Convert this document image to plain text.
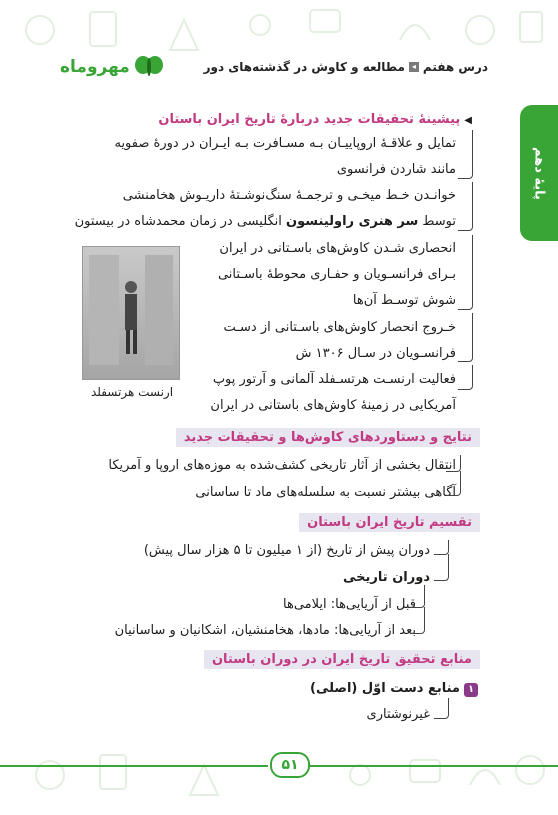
مهروماه	درس هفتم
◂
مطالعه و کاوش در گذشته‌های دور
پایهٔ دهم
◀پیشینهٔ تحقیقات جدید دربارهٔ تاریخ ایران باستان
تمایل و علاقـهٔ اروپاییـان بـه مسـافرت بـه ایـران در دورهٔ صفویه
مانند شاردن فرانسوی
خوانـدن خـط میخـی و ترجمـهٔ سنگ‌نوشـتهٔ داریـوش هخامنشی
توسط سر هنری راولینسون انگلیسی در زمان محمدشاه در بیستون
انحصاری شـدن کاوش‌های باسـتانی در ایران
بـرای فرانسـویان و حفـاری محوطهٔ باسـتانی
شوش توسـط آن‌ها
خـروج انحصار کاوش‌های باسـتانی از دسـت
فرانسـویان در سـال ۱۳۰۶ ش
فعالیت ارنسـت هرتسـفلد آلمانی و آرتور پوپ
آمریکایی در زمینهٔ کاوش‌های باستانی در ایران
ارنست هرتسفلد
نتایج و دستاوردهای کاوش‌ها و تحقیقات جدید
انتقال بخشی از آثار تاریخی کشف‌شده به موزه‌های اروپا و آمریکا
آگاهی بیشتر نسبت به سلسله‌های ماد تا ساسانی
تقسیم تاریخ ایران باستان
دوران پیش از تاریخ (از ۱ میلیون تا ۵ هزار سال پیش)
دوران تاریخی
قبل از آریایی‌ها: ایلامی‌ها
بعد از آریایی‌ها: مادها، هخامنشیان، اشکانیان و ساسانیان
منابع تحقیق تاریخ ایران در دوران باستان
۱منابع دست اوّل (اصلی)
غیرنوشتاری
۵۱
